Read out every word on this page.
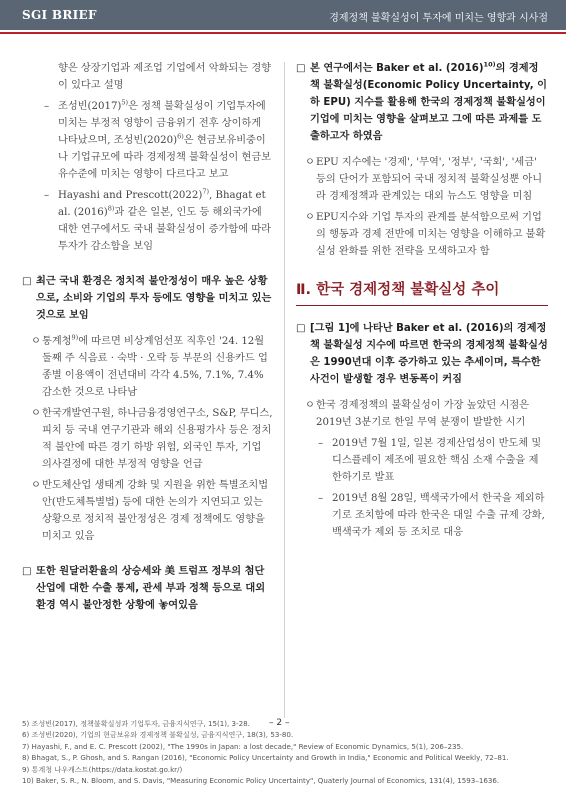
SGI BRIEF	경제정책 불확실성이 투자에 미치는 영향과 시사점
향은 상장기업과 제조업 기업에서 악화되는 경향이 있다고 설명
– 조성빈$(2017)^{5)}$은 정책 불확실성이 기업투자에 미치는 부정적 영향이 금융위기 전후 상이하게 나타났으며, 조성빈$(2020)^{6)}$은 현금보유비중이나 기업규모에 따라 경제정책 불확실성이 현금보유수준에 미치는 영향이 다르다고 보고
– Hayashi and $Prescott(2022)^{7)}$, Bhagat et al. $(2016)^{8)}$과 같은 일본, 인도 등 해외국가에 대한 연구에서도 국내 불확실성이 증가함에 따라 투자가 감소함을 보임
□ 최근 국내 환경은 정치적 불안정성이 매우 높은 상황으로, 소비와 기업의 투자 등에도 영향을 미치고 있는 것으로 보임
ㅇ 통계청$^{9)}$에 따르면 비상계엄선포 직후인 '24. 12월 둘째 주 식음료 · 숙박 · 오락 등 부문의 신용카드 업종별 이용액이 전년대비 각각 4.5%, 7.1%, 7.4% 감소한 것으로 나타남
ㅇ 한국개발연구원, 하나금융경영연구소, S&P, 무디스, 피치 등 국내 연구기관과 해외 신용평가사 등은 정치적 불안에 따른 경기 하방 위험, 외국인 투자, 기업 의사결정에 대한 부정적 영향을 언급
ㅇ 반도체산업 생태계 강화 및 지원을 위한 특별조치법안(반도체특별법) 등에 대한 논의가 지연되고 있는 상황으로 정치적 불안정성은 경제 정책에도 영향을 미치고 있음
□ 또한 원달러환율의 상승세와 美 트럼프 정부의 첨단 산업에 대한 수출 통제, 관세 부과 정책 등으로 대외 환경 역시 불안정한 상황에 놓여있음
□ 본 연구에서는 Baker et al. $(2016)^{10)}$의 경제정책 불확실성(Economic Policy Uncertainty, 이하 EPU) 지수를 활용해 한국의 경제정책 불확실성이 기업에 미치는 영향을 살펴보고 그에 따른 과제를 도출하고자 하였음
ㅇ EPU 지수에는 '경제', '무역', '정부', '국회', '세금' 등의 단어가 포함되어 국내 정치적 불확실성뿐 아니라 경제정책과 관계있는 대외 뉴스도 영향을 미침
ㅇ EPU지수와 기업 투자의 관계를 분석함으로써 기업의 행동과 경제 전반에 미치는 영향을 이해하고 불확실성 완화를 위한 전략을 모색하고자 함
Ⅱ. 한국 경제정책 불확실성 추이
□ [그림 1]에 나타난 Baker et al. (2016)의 경제정책 불확실성 지수에 따르면 한국의 경제정책 불확실성은 1990년대 이후 증가하고 있는 추세이며, 특수한 사건이 발생할 경우 변동폭이 커짐
ㅇ 한국 경제정책의 불확실성이 가장 높았던 시점은 2019년 3분기로 한일 무역 분쟁이 발발한 시기
– 2019년 7월 1일, 일본 경제산업성이 반도체 및 디스플레이 제조에 필요한 핵심 소재 수출을 제한하기로 발표
– 2019년 8월 28일, 백색국가에서 한국을 제외하기로 조치함에 따라 한국은 대일 수출 규제 강화, 백색국가 제외 등 조치로 대응
5) 조성빈(2017), 정책불확실성과 기업투자, 금융지식연구, 15(1), 3-28.
6) 조성빈(2020), 기업의 현금보유와 경제정책 불확실성, 금융지식연구, 18(3), 53-80.
7) Hayashi, F., and E. C. Prescott (2002), "The 1990s in Japan: a lost decade," Review of Economic Dynamics, 5(1), 206–235.
8) Bhagat, S., P. Ghosh, and S. Rangan (2016), "Economic Policy Uncertainty and Growth in India," Economic and Political Weekly, 72–81.
9) 통계청 나우캐스트(https://data.kostat.go.kr/)
10) Baker, S. R., N. Bloom, and S. Davis, "Measuring Economic Policy Uncertainty", Quaterly Journal of Economics, 131(4), 1593–1636.
– 2 –
